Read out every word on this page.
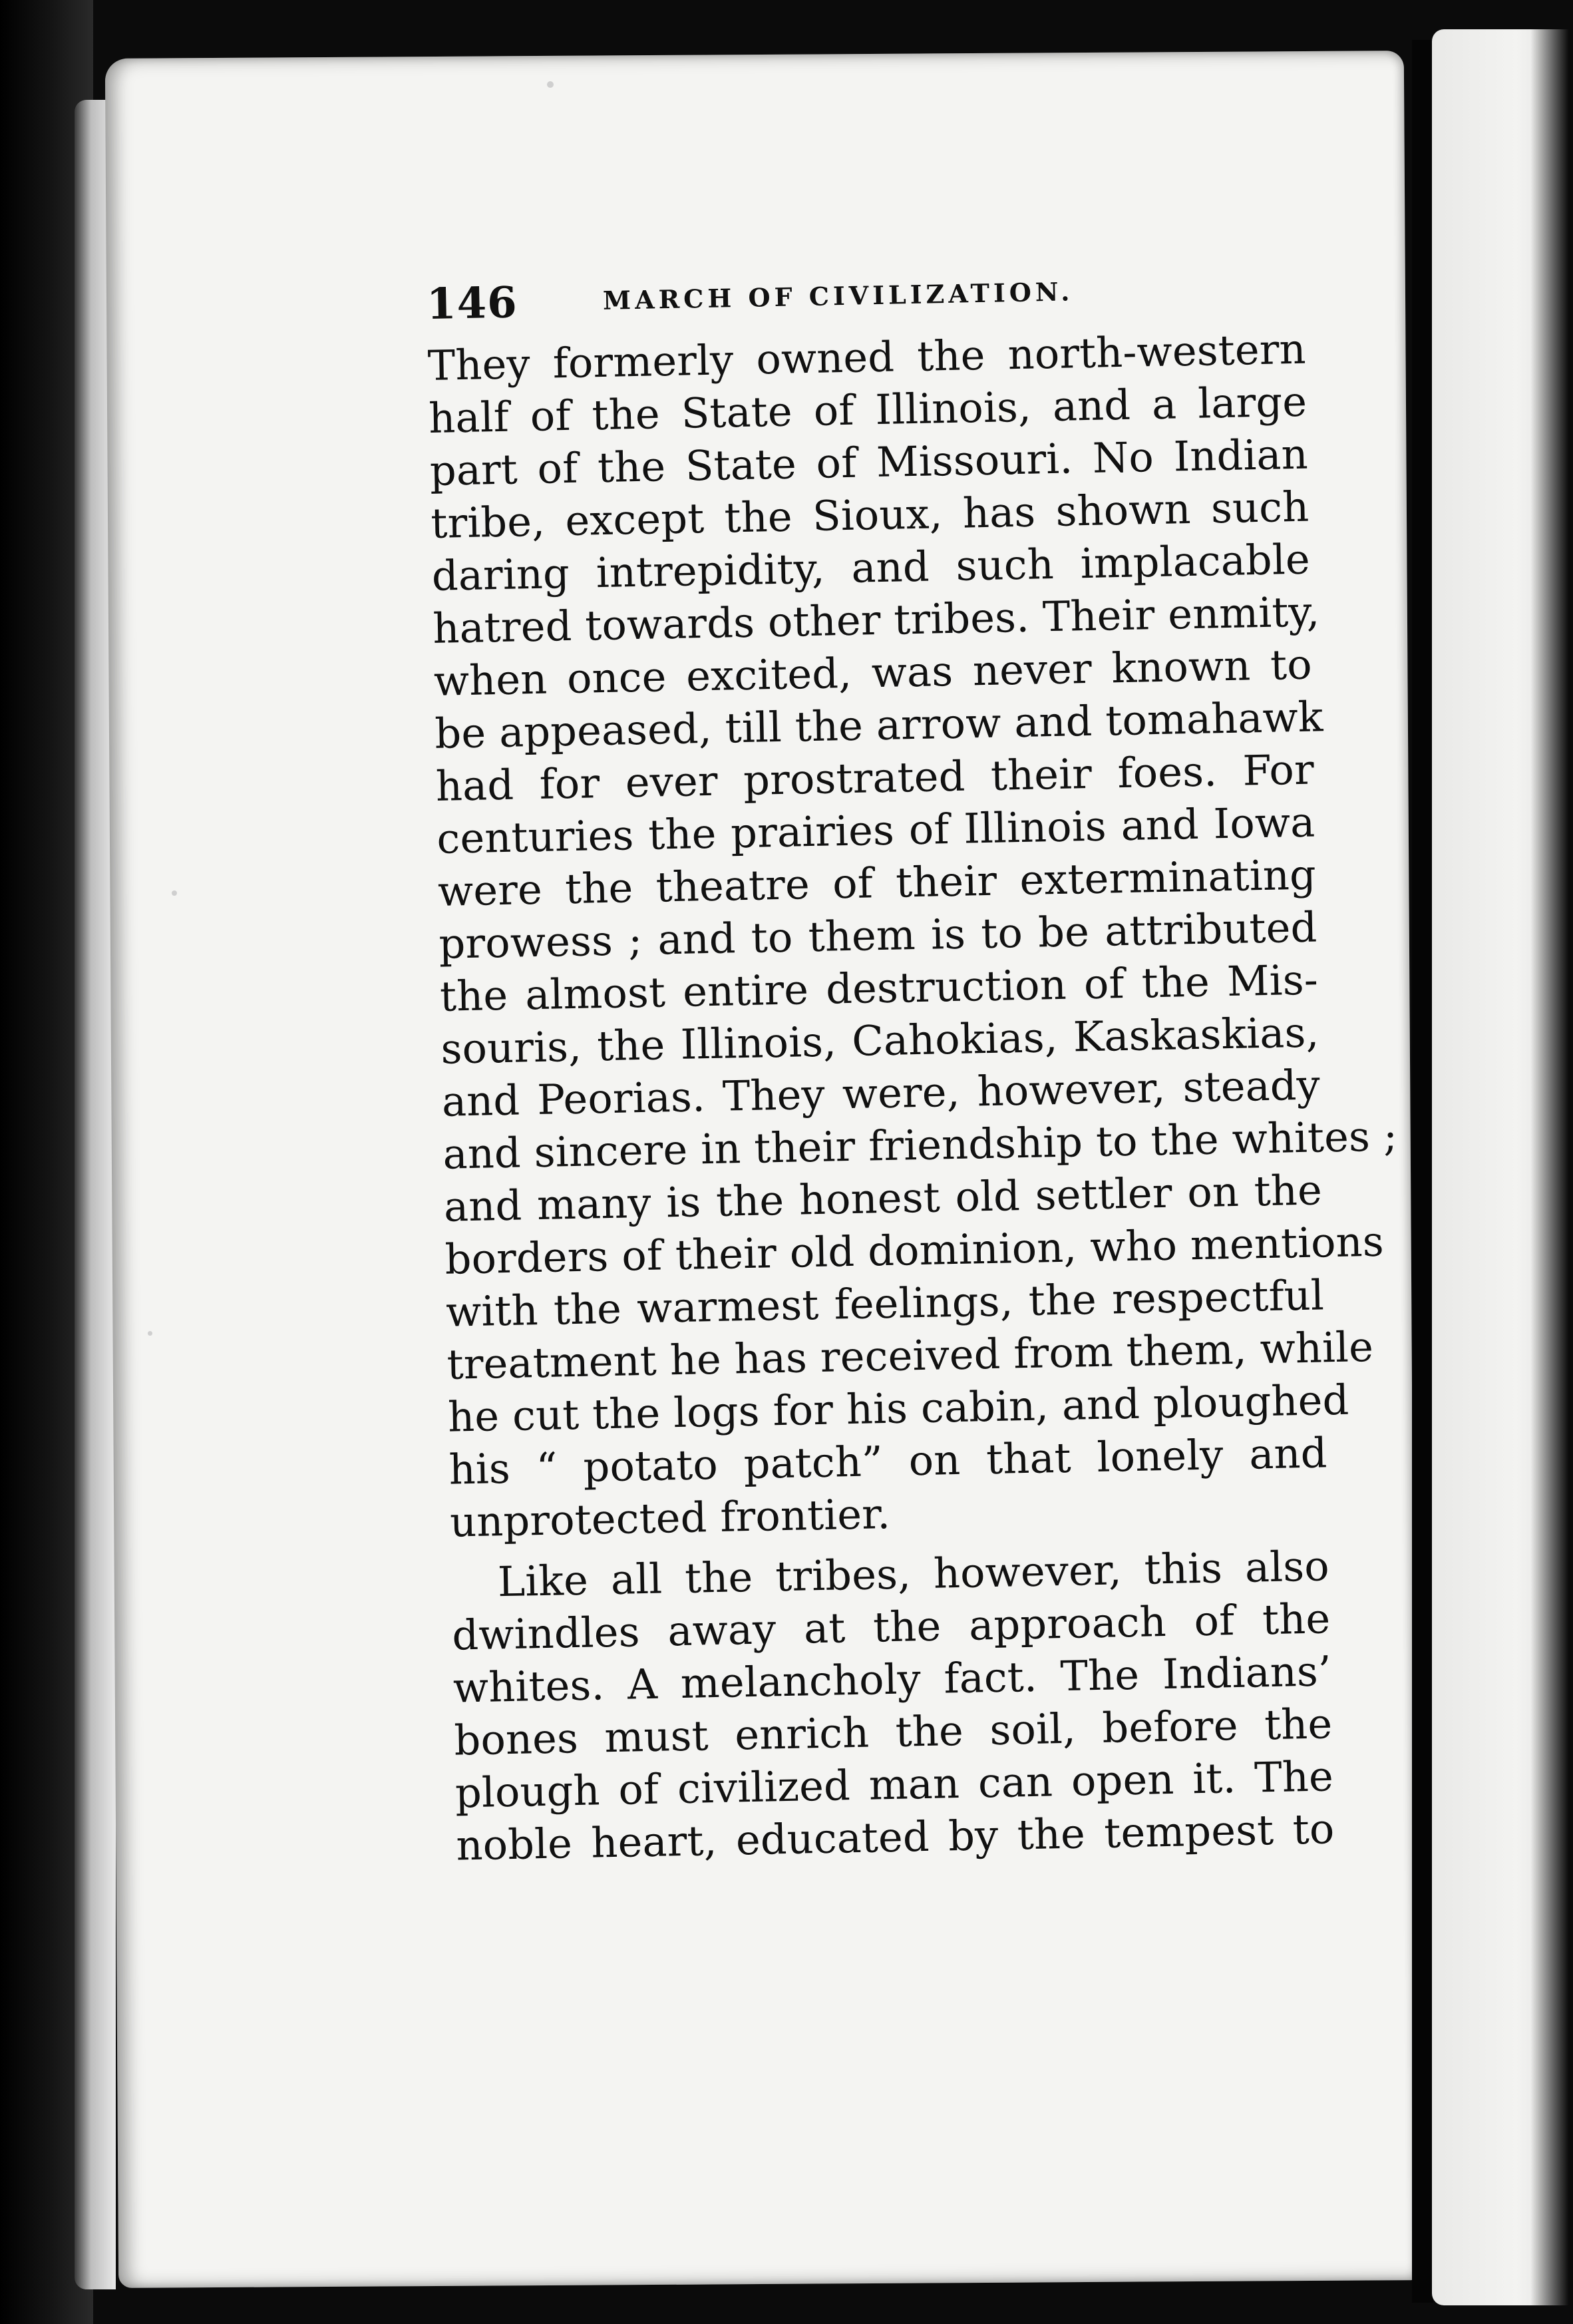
146	MARCH OF CIVILIZATION.
They formerly owned the north-western
half of the State of Illinois, and a large
part of the State of Missouri. No Indian
tribe, except the Sioux, has shown such
daring intrepidity, and such implacable
hatred towards other tribes. Their enmity,
when once excited, was never known to
be appeased, till the arrow and tomahawk
had for ever prostrated their foes. For
centuries the prairies of Illinois and Iowa
were the theatre of their exterminating
prowess ; and to them is to be attributed
the almost entire destruction of the Mis-
souris, the Illinois, Cahokias, Kaskaskias,
and Peorias. They were, however, steady
and sincere in their friendship to the whites ;
and many is the honest old settler on the
borders of their old dominion, who mentions
with the warmest feelings, the respectful
treatment he has received from them, while
he cut the logs for his cabin, and ploughed
his “ potato patch” on that lonely and
unprotected frontier.
Like all the tribes, however, this also
dwindles away at the approach of the
whites. A melancholy fact. The Indians’
bones must enrich the soil, before the
plough of civilized man can open it. The
noble heart, educated by the tempest to
